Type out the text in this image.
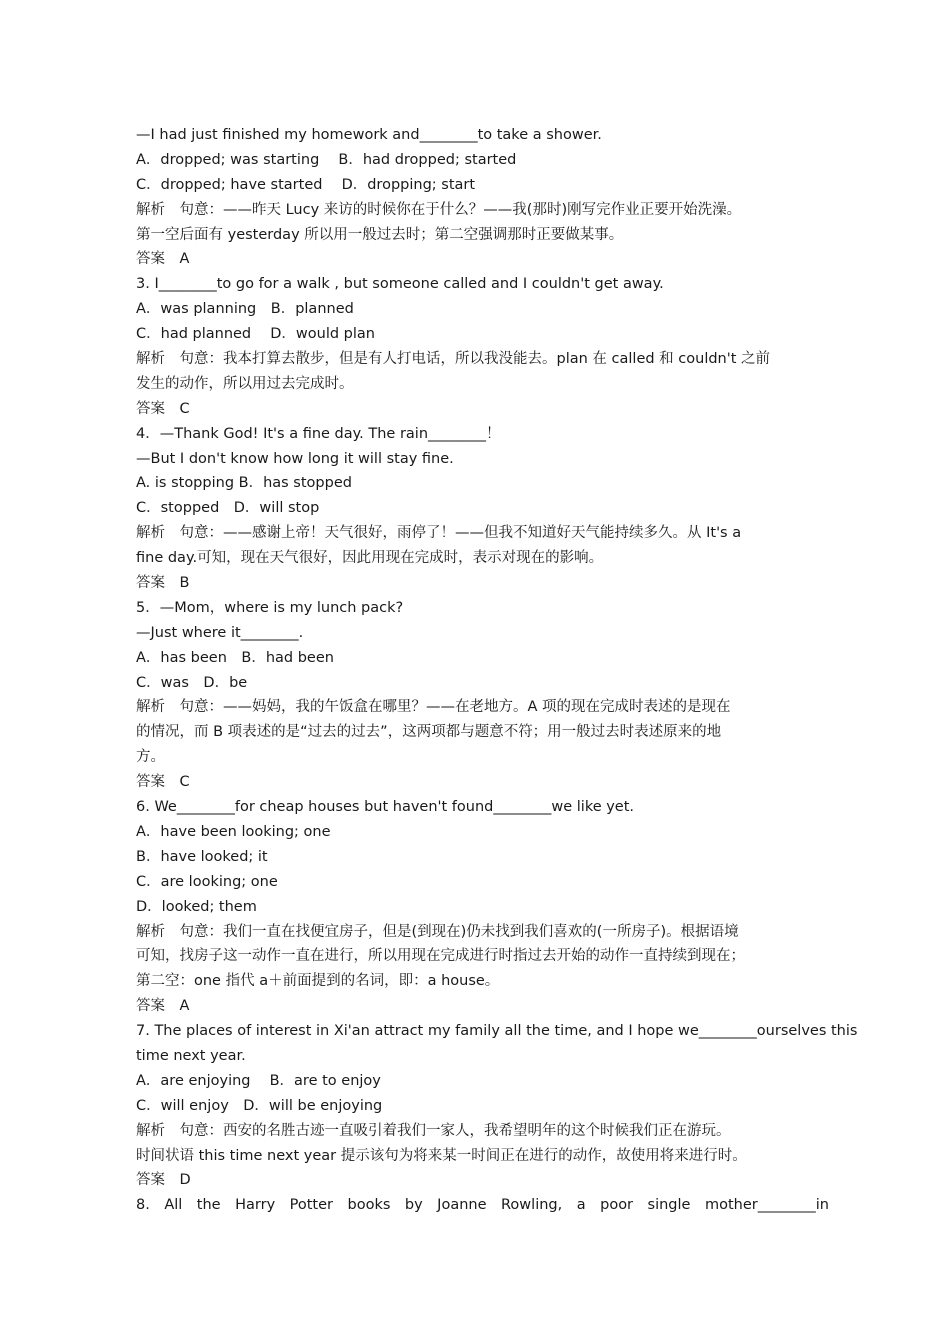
—I had just finished my homework and________to take a shower.
A．dropped; was starting　 B．had dropped; started
C．dropped; have started　 D．dropping; start
解析　句意：——昨天 Lucy 来访的时候你在于什么？——我(那时)刚写完作业正要开始洗澡。
第一空后面有 yesterday 所以用一般过去时；第二空强调那时正要做某事。
答案　A
3. I________to go for a walk , but someone called and I couldn't get away.
A．was planning　B．planned
C．had planned　 D．would plan
解析　句意：我本打算去散步，但是有人打电话，所以我没能去。plan 在 called 和 couldn't 之前
发生的动作，所以用过去完成时。
答案　C
4．—Thank God! It's a fine day. The rain________！
—But I don't know how long it will stay fine.
A. is stopping B．has stopped
C．stopped　D．will stop
解析　句意：——感谢上帝！天气很好，雨停了！——但我不知道好天气能持续多久。从 It's a
fine day.可知，现在天气很好，因此用现在完成时，表示对现在的影响。
答案　B
5．—Mom，where is my lunch pack?
—Just where it________.
A．has been　B．had been
C．was　D．be
解析　句意：——妈妈，我的午饭盒在哪里？——在老地方。A 项的现在完成时表述的是现在
的情况，而 B 项表述的是“过去的过去”，这两项都与题意不符；用一般过去时表述原来的地
方。
答案　C
6. We________for cheap houses but haven't found________we like yet.
A．have been looking; one
B．have looked; it
C．are looking; one
D．looked; them
解析　句意：我们一直在找便宜房子，但是(到现在)仍未找到我们喜欢的(一所房子)。根据语境
可知，找房子这一动作一直在进行，所以用现在完成进行时指过去开始的动作一直持续到现在；
第二空：one 指代 a＋前面提到的名词，即：a house。
答案　A
7. The places of interest in Xi'an attract my family all the time, and I hope we________ourselves this
time next year.
A．are enjoying　 B．are to enjoy
C．will enjoy　D．will be enjoying
解析　句意：西安的名胜古迹一直吸引着我们一家人，我希望明年的这个时候我们正在游玩。
时间状语 this time next year 提示该句为将来某一时间正在进行的动作，故使用将来进行时。
答案　D
8.　All　the　Harry　Potter　books　by　Joanne　Rowling,　a　poor　single　mother________in
